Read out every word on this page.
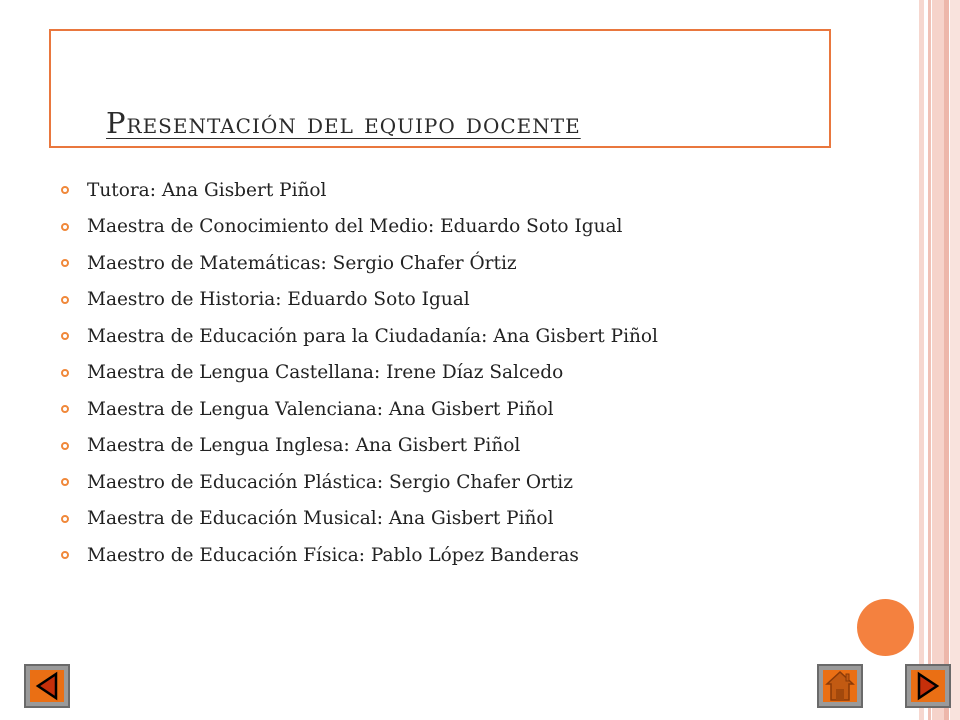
Presentación del equipo docente
Tutora: Ana Gisbert Piñol
Maestra de Conocimiento del Medio: Eduardo Soto Igual
Maestro de Matemáticas: Sergio Chafer Órtiz
Maestro de Historia: Eduardo Soto Igual
Maestra de Educación para la Ciudadanía: Ana Gisbert Piñol
Maestra de Lengua Castellana: Irene Díaz Salcedo
Maestra de Lengua Valenciana: Ana Gisbert Piñol
Maestra de Lengua Inglesa: Ana Gisbert Piñol
Maestro de Educación Plástica: Sergio Chafer Ortiz
Maestra de Educación Musical: Ana Gisbert Piñol
Maestro de Educación Física: Pablo López Banderas
